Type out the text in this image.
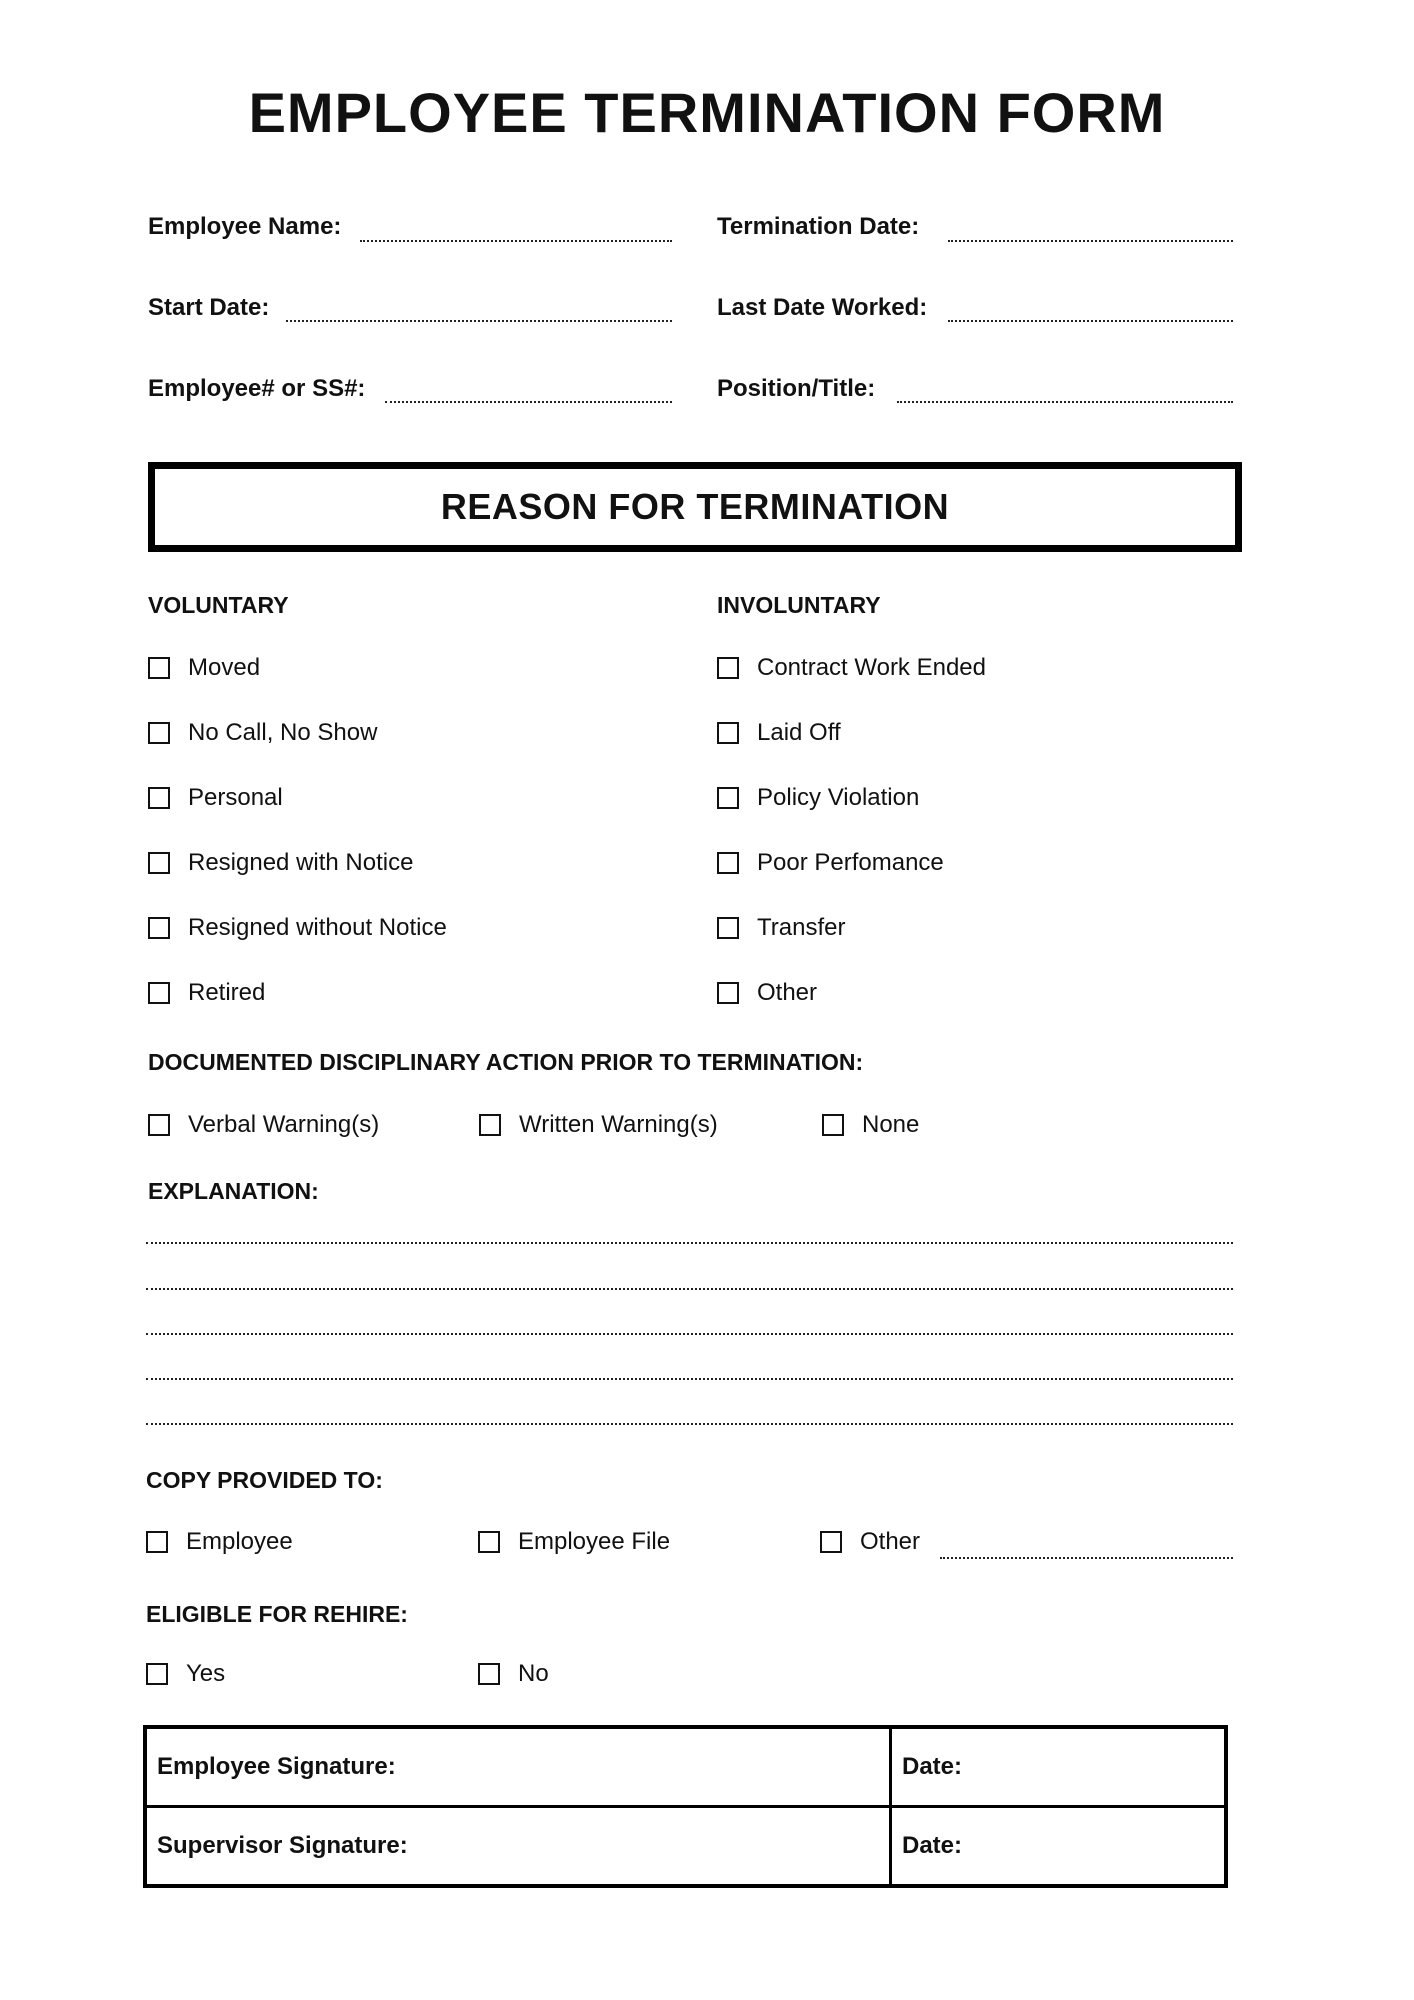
EMPLOYEE TERMINATION FORM
Employee Name:	Termination Date:
Start Date:	Last Date Worked:
Employee# or SS#:	Position/Title:
REASON FOR TERMINATION
VOLUNTARY
Moved
No Call, No Show
Personal
Resigned with Notice
Resigned without Notice
Retired
INVOLUNTARY
Contract Work Ended
Laid Off
Policy Violation
Poor Perfomance
Transfer
Other
DOCUMENTED DISCIPLINARY ACTION PRIOR TO TERMINATION:
Verbal Warning(s)	Written Warning(s)	None
EXPLANATION:
COPY PROVIDED TO:
Employee	Employee File	Other
ELIGIBLE FOR REHIRE:
Yes	No
Employee Signature:	Date:
Supervisor Signature:	Date:
